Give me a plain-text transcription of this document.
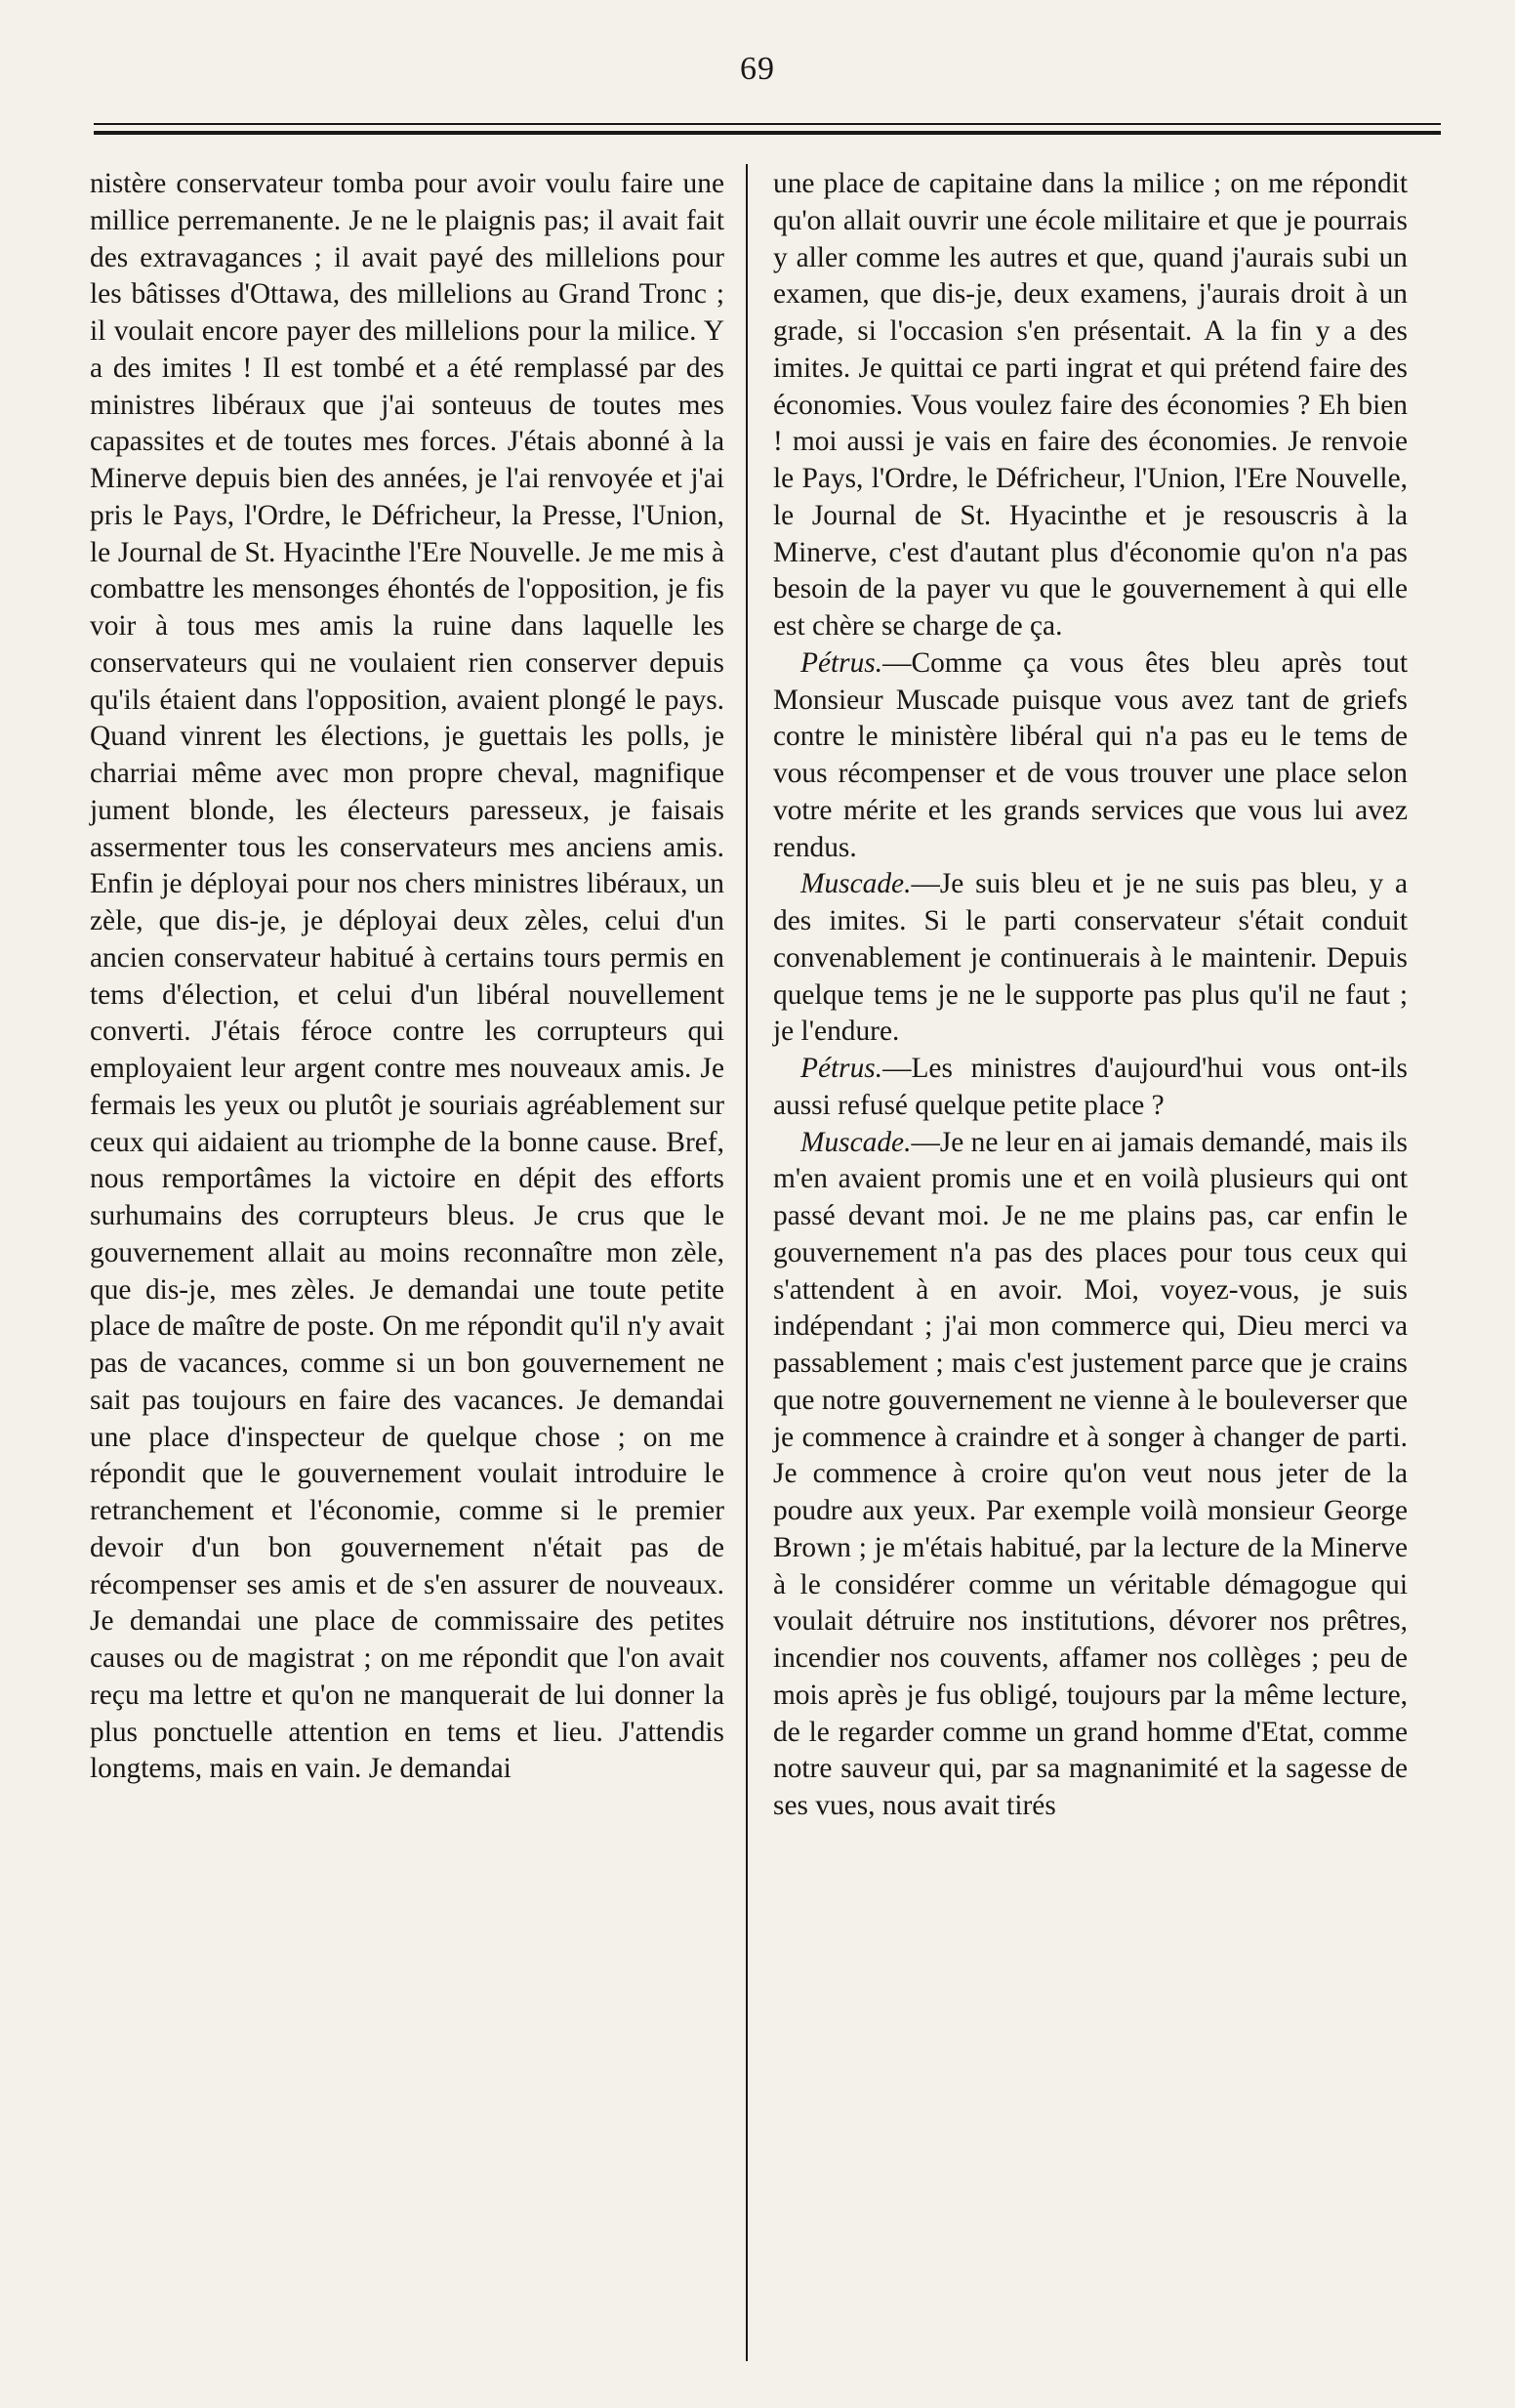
69

nistère conservateur tomba pour avoir voulu faire une millice perremanente. Je ne le plaignis pas; il avait fait des extravagances ; il avait payé des millelions pour les bâtisses d'Ottawa, des millelions au Grand Tronc ; il voulait encore payer des millelions pour la milice. Y a des imites ! Il est tombé et a été remplassé par des ministres libéraux que j'ai sonteuus de toutes mes capassites et de toutes mes forces. J'étais abonné à la Minerve depuis bien des années, je l'ai renvoyée et j'ai pris le Pays, l'Ordre, le Défricheur, la Presse, l'Union, le Journal de St. Hyacinthe l'Ere Nouvelle. Je me mis à combattre les mensonges éhontés de l'opposition, je fis voir à tous mes amis la ruine dans laquelle les conservateurs qui ne voulaient rien conserver depuis qu'ils étaient dans l'opposition, avaient plongé le pays. Quand vinrent les élections, je guettais les polls, je charriai même avec mon propre cheval, magnifique jument blonde, les électeurs paresseux, je faisais assermenter tous les conservateurs mes anciens amis. Enfin je déployai pour nos chers ministres libéraux, un zèle, que dis-je, je déployai deux zèles, celui d'un ancien conservateur habitué à certains tours permis en tems d'élection, et celui d'un libéral nouvellement converti. J'étais féroce contre les corrupteurs qui employaient leur argent contre mes nouveaux amis. Je fermais les yeux ou plutôt je souriais agréablement sur ceux qui aidaient au triomphe de la bonne cause. Bref, nous remportâmes la victoire en dépit des efforts surhumains des corrupteurs bleus. Je crus que le gouvernement allait au moins reconnaître mon zèle, que dis-je, mes zèles. Je demandai une toute petite place de maître de poste. On me répondit qu'il n'y avait pas de vacances, comme si un bon gouvernement ne sait pas toujours en faire des vacances. Je demandai une place d'inspecteur de quelque chose ; on me répondit que le gouvernement voulait introduire le retranchement et l'économie, comme si le premier devoir d'un bon gouvernement n'était pas de récompenser ses amis et de s'en assurer de nouveaux. Je demandai une place de commissaire des petites causes ou de magistrat ; on me répondit que l'on avait reçu ma lettre et qu'on ne manquerait de lui donner la plus ponctuelle attention en tems et lieu. J'attendis longtems, mais en vain. Je demandai

une place de capitaine dans la milice ; on me répondit qu'on allait ouvrir une école militaire et que je pourrais y aller comme les autres et que, quand j'aurais subi un examen, que dis-je, deux examens, j'aurais droit à un grade, si l'occasion s'en présentait. A la fin y a des imites. Je quittai ce parti ingrat et qui prétend faire des économies. Vous voulez faire des économies ? Eh bien ! moi aussi je vais en faire des économies. Je renvoie le Pays, l'Ordre, le Défricheur, l'Union, l'Ere Nouvelle, le Journal de St. Hyacinthe et je resouscris à la Minerve, c'est d'autant plus d'économie qu'on n'a pas besoin de la payer vu que le gouvernement à qui elle est chère se charge de ça.

Pétrus.—Comme ça vous êtes bleu après tout Monsieur Muscade puisque vous avez tant de griefs contre le ministère libéral qui n'a pas eu le tems de vous récompenser et de vous trouver une place selon votre mérite et les grands services que vous lui avez rendus.

Muscade.—Je suis bleu et je ne suis pas bleu, y a des imites. Si le parti conservateur s'était conduit convenablement je continuerais à le maintenir. Depuis quelque tems je ne le supporte pas plus qu'il ne faut ; je l'endure.

Pétrus.—Les ministres d'aujourd'hui vous ont-ils aussi refusé quelque petite place ?

Muscade.—Je ne leur en ai jamais demandé, mais ils m'en avaient promis une et en voilà plusieurs qui ont passé devant moi. Je ne me plains pas, car enfin le gouvernement n'a pas des places pour tous ceux qui s'attendent à en avoir. Moi, voyez-vous, je suis indépendant ; j'ai mon commerce qui, Dieu merci va passablement ; mais c'est justement parce que je crains que notre gouvernement ne vienne à le bouleverser que je commence à craindre et à songer à changer de parti. Je commence à croire qu'on veut nous jeter de la poudre aux yeux. Par exemple voilà monsieur George Brown ; je m'étais habitué, par la lecture de la Minerve à le considérer comme un véritable démagogue qui voulait détruire nos institutions, dévorer nos prêtres, incendier nos couvents, affamer nos collèges ; peu de mois après je fus obligé, toujours par la même lecture, de le regarder comme un grand homme d'Etat, comme notre sauveur qui, par sa magnanimité et la sagesse de ses vues, nous avait tirés
